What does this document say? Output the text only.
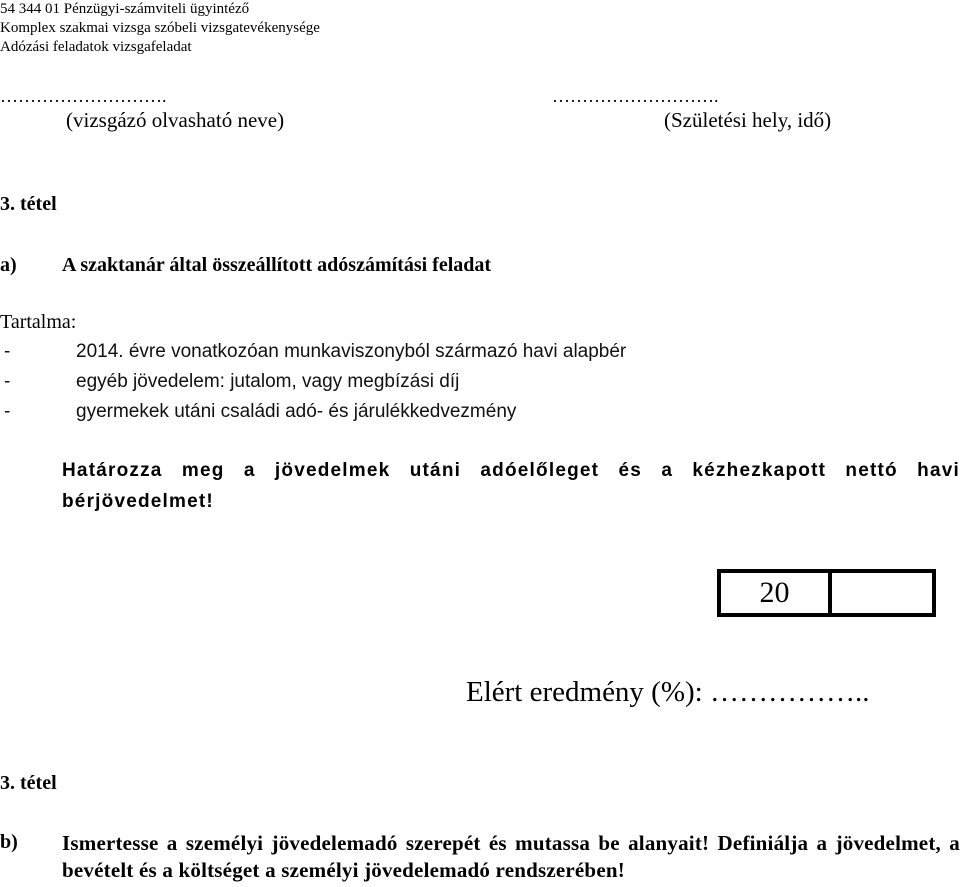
54 344 01 Pénzügyi-számviteli ügyintéző
Komplex szakmai vizsga szóbeli vizsgatevékenysége
Adózási feladatok vizsgafeladat
……………………….	……………………….
(vizsgázó olvasható neve)	(Születési hely, idő)
3. tétel
a) A szaktanár által összeállított adószámítási feladat
Tartalma:
-	2014. évre vonatkozóan munkaviszonyból származó havi alapbér
-	egyéb jövedelem: jutalom, vagy megbízási díj
-	gyermekek utáni családi adó- és járulékkedvezmény
Határozza meg a jövedelmek utáni adóelőleget és a kézhezkapott nettó havi bérjövedelmet!
20
Elért eredmény (%): ……………..
3. tétel
b) Ismertesse a személyi jövedelemadó szerepét és mutassa be alanyait! Definiálja a jövedelmet, a bevételt és a költséget a személyi jövedelemadó rendszerében!
